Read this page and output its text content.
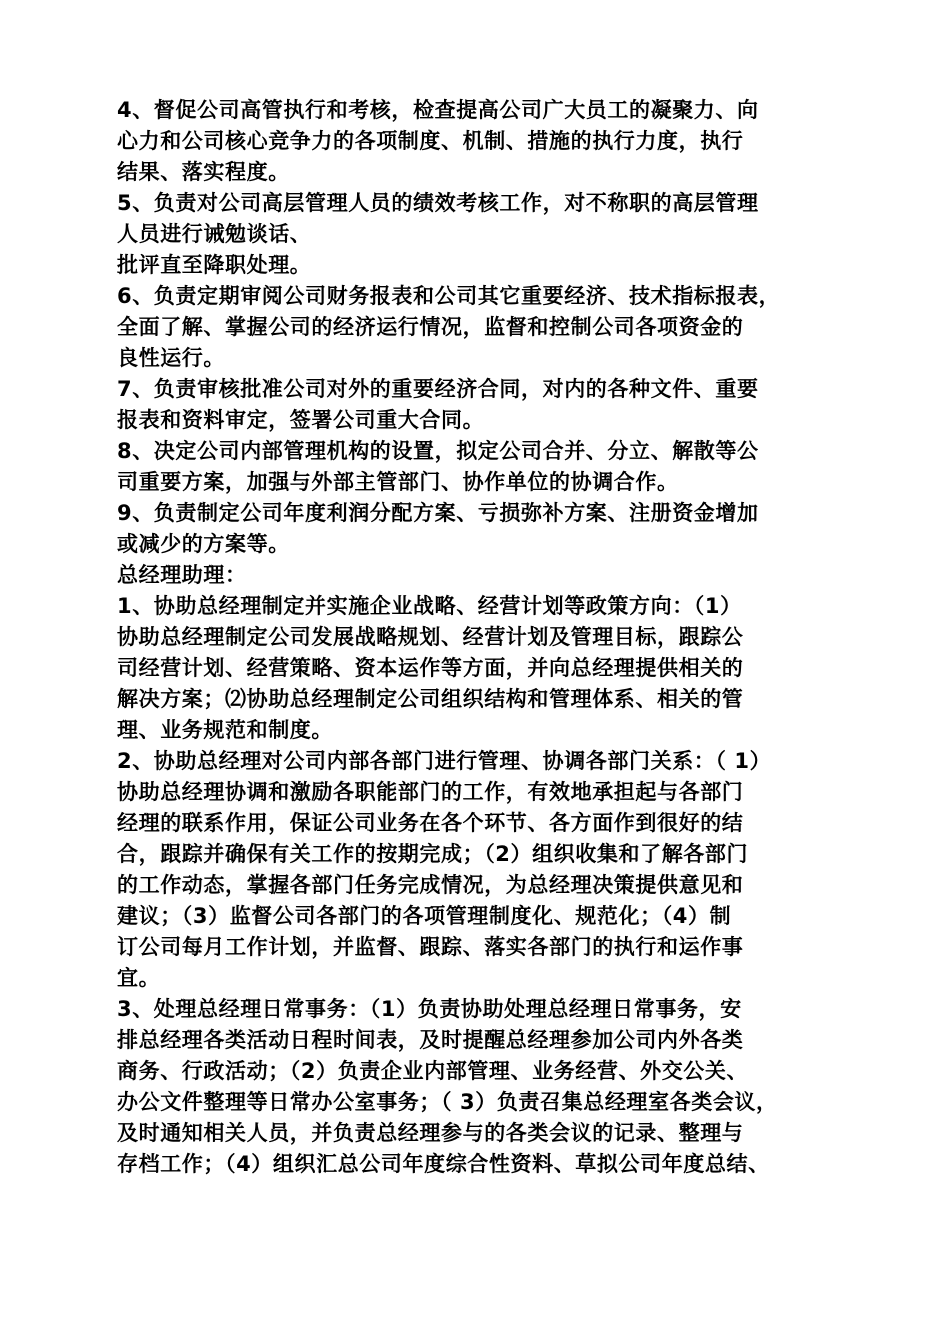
4、督促公司高管执行和考核，检查提高公司广大员工的凝聚力、向
心力和公司核心竞争力的各项制度、机制、措施的执行力度，执行
结果、落实程度。
5、负责对公司高层管理人员的绩效考核工作，对不称职的高层管理
人员进行诫勉谈话、
批评直至降职处理。
6、负责定期审阅公司财务报表和公司其它重要经济、技术指标报表，
全面了解、掌握公司的经济运行情况，监督和控制公司各项资金的
良性运行。
7、负责审核批准公司对外的重要经济合同，对内的各种文件、重要
报表和资料审定，签署公司重大合同。
8、决定公司内部管理机构的设置，拟定公司合并、分立、解散等公
司重要方案，加强与外部主管部门、协作单位的协调合作。
9、负责制定公司年度利润分配方案、亏损弥补方案、注册资金增加
或减少的方案等。
总经理助理：
1、协助总经理制定并实施企业战略、经营计划等政策方向：（1）
协助总经理制定公司发展战略规划、经营计划及管理目标，跟踪公
司经营计划、经营策略、资本运作等方面，并向总经理提供相关的
解决方案；⑵协助总经理制定公司组织结构和管理体系、相关的管
理、业务规范和制度。
2、协助总经理对公司内部各部门进行管理、协调各部门关系：（ 1）
协助总经理协调和激励各职能部门的工作，有效地承担起与各部门
经理的联系作用，保证公司业务在各个环节、各方面作到很好的结
合，跟踪并确保有关工作的按期完成；（2）组织收集和了解各部门
的工作动态，掌握各部门任务完成情况，为总经理决策提供意见和
建议；（3）监督公司各部门的各项管理制度化、规范化；（4）制
订公司每月工作计划，并监督、跟踪、落实各部门的执行和运作事
宜。
3、处理总经理日常事务：（1）负责协助处理总经理日常事务，安
排总经理各类活动日程时间表，及时提醒总经理参加公司内外各类
商务、行政活动；（2）负责企业内部管理、业务经营、外交公关、
办公文件整理等日常办公室事务；（ 3）负责召集总经理室各类会议，
及时通知相关人员，并负责总经理参与的各类会议的记录、整理与
存档工作；（4）组织汇总公司年度综合性资料、草拟公司年度总结、
